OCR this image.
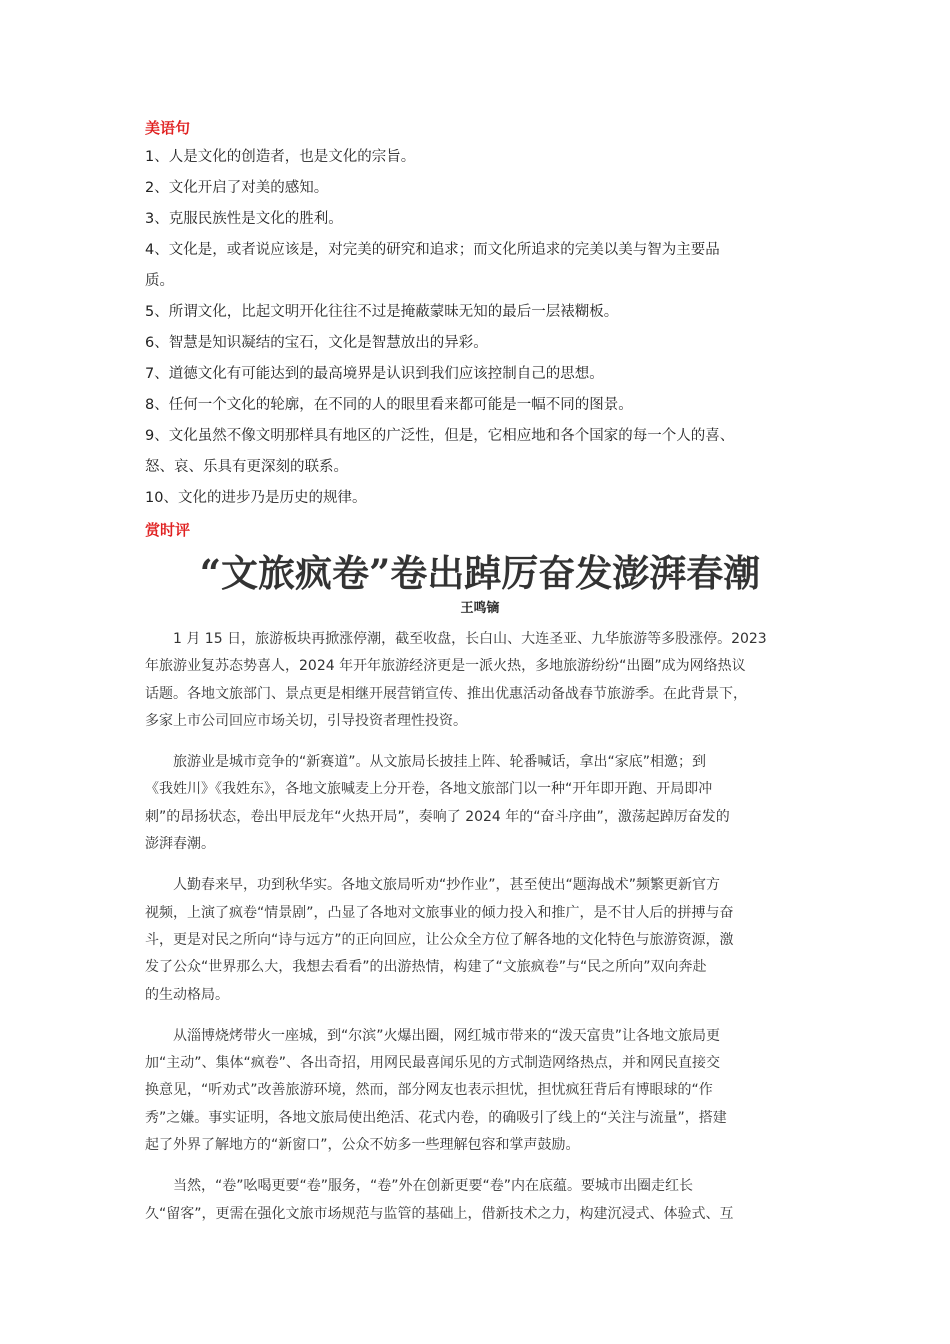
美语句
1、人是文化的创造者，也是文化的宗旨。
2、文化开启了对美的感知。
3、克服民族性是文化的胜利。
4、文化是，或者说应该是，对完美的研究和追求；而文化所追求的完美以美与智为主要品
质。
5、所谓文化，比起文明开化往往不过是掩蔽蒙昧无知的最后一层裱糊板。
6、智慧是知识凝结的宝石，文化是智慧放出的异彩。
7、道德文化有可能达到的最高境界是认识到我们应该控制自己的思想。
8、任何一个文化的轮廓，在不同的人的眼里看来都可能是一幅不同的图景。
9、文化虽然不像文明那样具有地区的广泛性，但是，它相应地和各个国家的每一个人的喜、
怒、哀、乐具有更深刻的联系。
10、文化的进步乃是历史的规律。
赏时评
“文旅疯卷”卷出踔厉奋发澎湃春潮
王鸣镝
　　1 月 15 日，旅游板块再掀涨停潮，截至收盘，长白山、大连圣亚、九华旅游等多股涨停。2023
年旅游业复苏态势喜人，2024 年开年旅游经济更是一派火热，多地旅游纷纷“出圈”成为网络热议
话题。各地文旅部门、景点更是相继开展营销宣传、推出优惠活动备战春节旅游季。在此背景下，
多家上市公司回应市场关切，引导投资者理性投资。
　　旅游业是城市竞争的“新赛道”。从文旅局长披挂上阵、轮番喊话，拿出“家底”相邀；到
《我姓川》《我姓东》，各地文旅喊麦上分开卷，各地文旅部门以一种“开年即开跑、开局即冲
刺”的昂扬状态，卷出甲辰龙年“火热开局”，奏响了 2024 年的“奋斗序曲”，激荡起踔厉奋发的
澎湃春潮。
　　人勤春来早，功到秋华实。各地文旅局听劝“抄作业”，甚至使出“题海战术”频繁更新官方
视频，上演了疯卷“情景剧”，凸显了各地对文旅事业的倾力投入和推广，是不甘人后的拼搏与奋
斗，更是对民之所向“诗与远方”的正向回应，让公众全方位了解各地的文化特色与旅游资源，激
发了公众“世界那么大，我想去看看”的出游热情，构建了“文旅疯卷”与“民之所向”双向奔赴
的生动格局。
　　从淄博烧烤带火一座城，到“尔滨”火爆出圈，网红城市带来的“泼天富贵”让各地文旅局更
加“主动”、集体“疯卷”、各出奇招，用网民最喜闻乐见的方式制造网络热点，并和网民直接交
换意见，“听劝式”改善旅游环境，然而，部分网友也表示担忧，担忧疯狂背后有博眼球的“作
秀”之嫌。事实证明，各地文旅局使出绝活、花式内卷，的确吸引了线上的“关注与流量”，搭建
起了外界了解地方的“新窗口”，公众不妨多一些理解包容和掌声鼓励。
　　当然，“卷”吆喝更要“卷”服务，“卷”外在创新更要“卷”内在底蕴。要城市出圈走红长
久“留客”，更需在强化文旅市场规范与监管的基础上，借新技术之力，构建沉浸式、体验式、互
